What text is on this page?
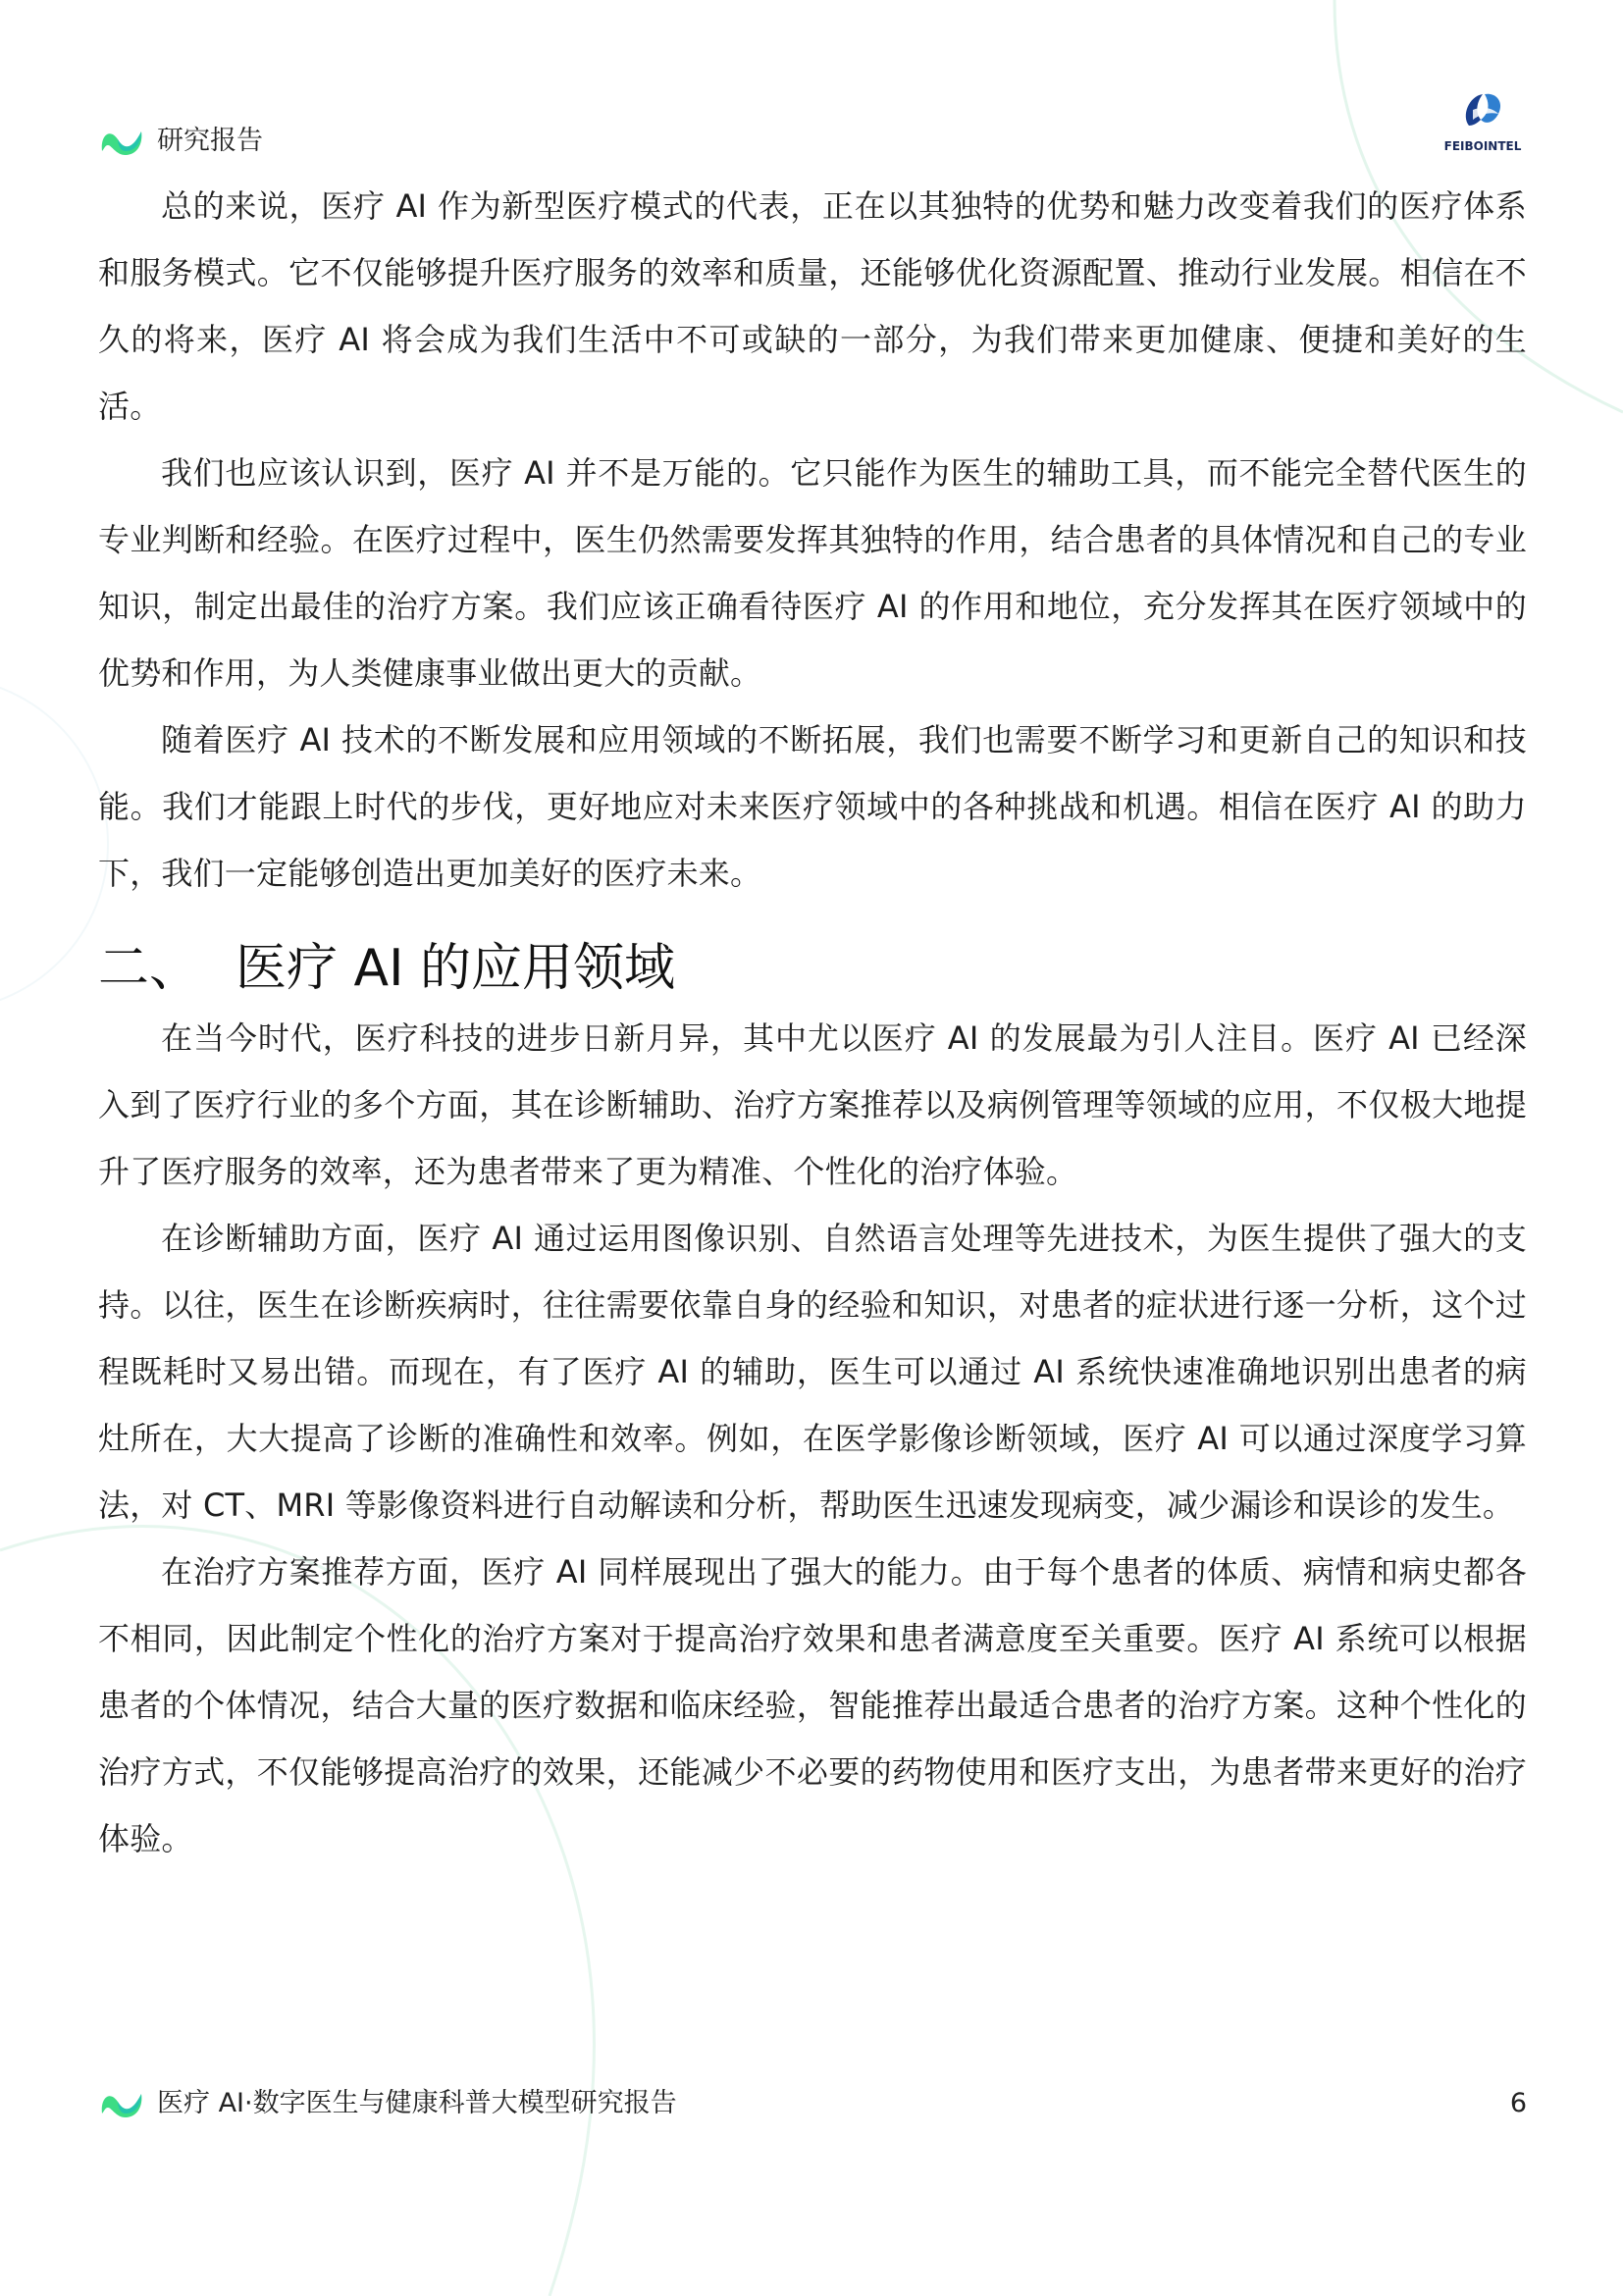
研究报告	FEIBOINTEL

总的来说，医疗 AI 作为新型医疗模式的代表，正在以其独特的优势和魅力改变着我们的医疗体系和服务模式。它不仅能够提升医疗服务的效率和质量，还能够优化资源配置、推动行业发展。相信在不久的将来，医疗 AI 将会成为我们生活中不可或缺的一部分，为我们带来更加健康、便捷和美好的生活。

我们也应该认识到，医疗 AI 并不是万能的。它只能作为医生的辅助工具，而不能完全替代医生的专业判断和经验。在医疗过程中，医生仍然需要发挥其独特的作用，结合患者的具体情况和自己的专业知识，制定出最佳的治疗方案。我们应该正确看待医疗 AI 的作用和地位，充分发挥其在医疗领域中的优势和作用，为人类健康事业做出更大的贡献。

随着医疗 AI 技术的不断发展和应用领域的不断拓展，我们也需要不断学习和更新自己的知识和技能。我们才能跟上时代的步伐，更好地应对未来医疗领域中的各种挑战和机遇。相信在医疗 AI 的助力下，我们一定能够创造出更加美好的医疗未来。

二、 医疗 AI 的应用领域

在当今时代，医疗科技的进步日新月异，其中尤以医疗 AI 的发展最为引人注目。医疗 AI 已经深入到了医疗行业的多个方面，其在诊断辅助、治疗方案推荐以及病例管理等领域的应用，不仅极大地提升了医疗服务的效率，还为患者带来了更为精准、个性化的治疗体验。

在诊断辅助方面，医疗 AI 通过运用图像识别、自然语言处理等先进技术，为医生提供了强大的支持。以往，医生在诊断疾病时，往往需要依靠自身的经验和知识，对患者的症状进行逐一分析，这个过程既耗时又易出错。而现在，有了医疗 AI 的辅助，医生可以通过 AI 系统快速准确地识别出患者的病灶所在，大大提高了诊断的准确性和效率。例如，在医学影像诊断领域，医疗 AI 可以通过深度学习算法，对 CT、MRI 等影像资料进行自动解读和分析，帮助医生迅速发现病变，减少漏诊和误诊的发生。

在治疗方案推荐方面，医疗 AI 同样展现出了强大的能力。由于每个患者的体质、病情和病史都各不相同，因此制定个性化的治疗方案对于提高治疗效果和患者满意度至关重要。医疗 AI 系统可以根据患者的个体情况，结合大量的医疗数据和临床经验，智能推荐出最适合患者的治疗方案。这种个性化的治疗方式，不仅能够提高治疗的效果，还能减少不必要的药物使用和医疗支出，为患者带来更好的治疗体验。

医疗 AI·数字医生与健康科普大模型研究报告	6
